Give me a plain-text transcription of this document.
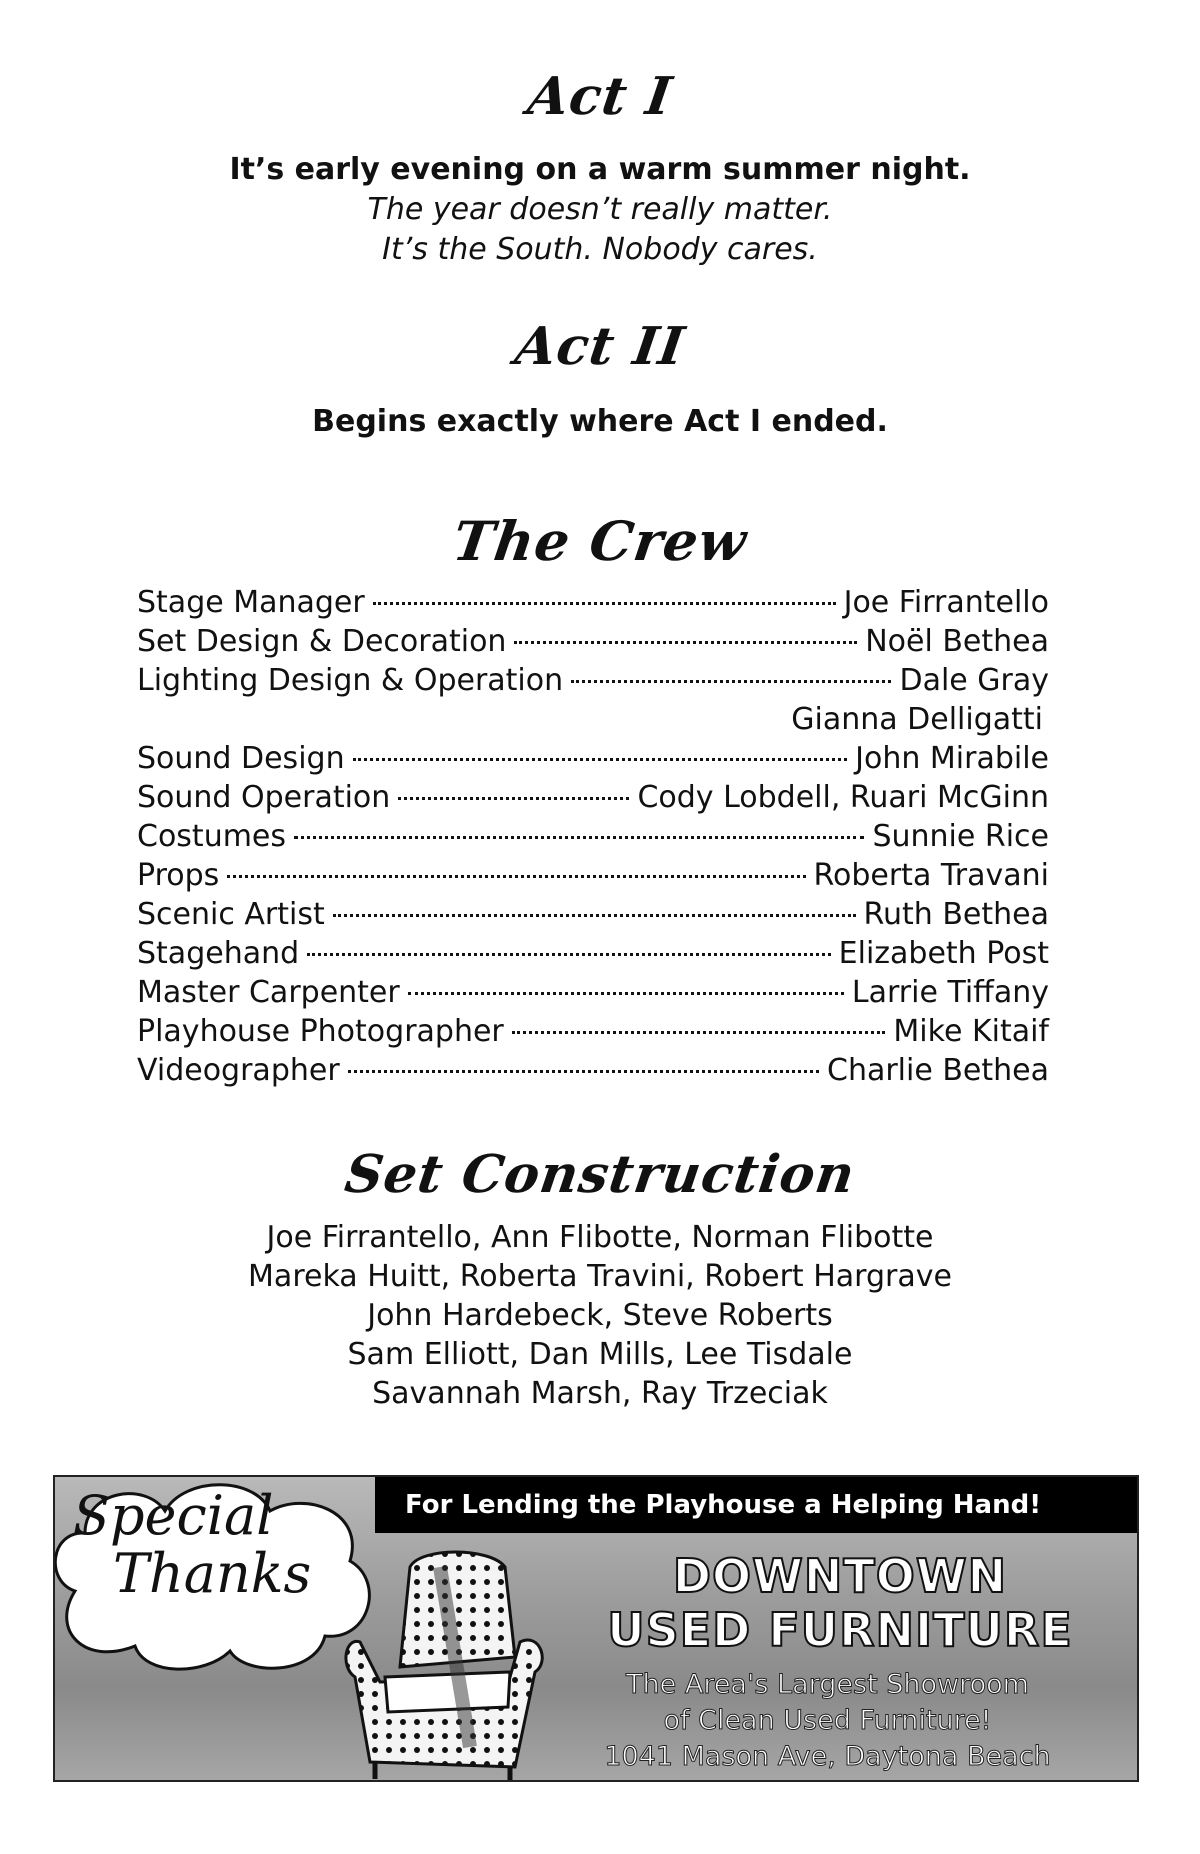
Act I

It’s early evening on a warm summer night.

The year doesn’t really matter.

It’s the South. Nobody cares.

Act II

Begins exactly where Act I ended.

The Crew
Stage Manager	Joe Firrantello
Set Design & Decoration	Noël Bethea
Lighting Design & Operation	Dale Gray
Gianna Delligatti
Sound Design	John Mirabile
Sound Operation	Cody Lobdell, Ruari McGinn
Costumes	Sunnie Rice
Props	Roberta Travani
Scenic Artist	Ruth Bethea
Stagehand	Elizabeth Post
Master Carpenter	Larrie Tiffany
Playhouse Photographer	Mike Kitaif
Videographer	Charlie Bethea
Set Construction

Joe Firrantello, Ann Flibotte, Norman Flibotte

Mareka Huitt, Roberta Travini, Robert Hargrave

John Hardebeck, Steve Roberts

Sam Elliott, Dan Mills, Lee Tisdale

Savannah Marsh, Ray Trzeciak

Special
Thanks
For Lending the Playhouse a Helping Hand!
DOWNTOWN
USED FURNITURE
The Area's Largest Showroom
of Clean Used Furniture!
1041 Mason Ave, Daytona Beach
